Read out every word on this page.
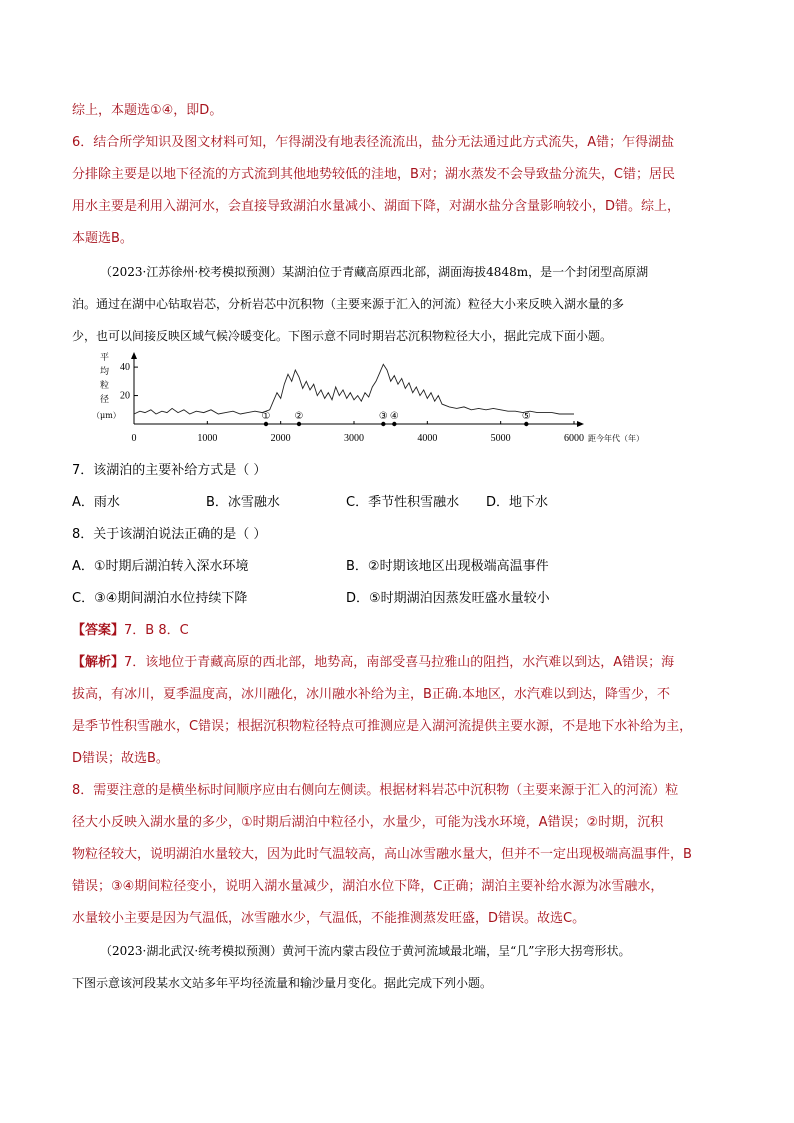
综上，本题选①④，即D。
6．结合所学知识及图文材料可知，乍得湖没有地表径流流出，盐分无法通过此方式流失，A错；乍得湖盐
分排除主要是以地下径流的方式流到其他地势较低的洼地，B对；湖水蒸发不会导致盐分流失，C错；居民
用水主要是利用入湖河水，会直接导致湖泊水量减小、湖面下降，对湖水盐分含量影响较小，D错。综上，
本题选B。
（2023·江苏徐州·校考模拟预测）某湖泊位于青藏高原西北部，湖面海拔4848m，是一个封闭型高原湖
泊。通过在湖中心钻取岩芯，分析岩芯中沉积物（主要来源于汇入的河流）粒径大小来反映入湖水量的多
少，也可以间接反映区域气候冷暖变化。下图示意不同时期岩芯沉积物粒径大小，据此完成下面小题。
平
均
粒
径
（μm）
20
40
0	1000	2000	3000	4000	5000	6000 距今年代（年）
① ②	③ ④	⑤
7．该湖泊的主要补给方式是（ ）
A．雨水	B．冰雪融水	C．季节性积雪融水 D．地下水
8．关于该湖泊说法正确的是（ ）
A．①时期后湖泊转入深水环境	B．②时期该地区出现极端高温事件
C．③④期间湖泊水位持续下降	D．⑤时期湖泊因蒸发旺盛水量较小
【答案】7．B 8．C
【解析】7．该地位于青藏高原的西北部，地势高，南部受喜马拉雅山的阻挡，水汽难以到达，A错误；海
拔高，有冰川，夏季温度高，冰川融化，冰川融水补给为主，B正确.本地区，水汽难以到达，降雪少，不
是季节性积雪融水，C错误；根据沉积物粒径特点可推测应是入湖河流提供主要水源，不是地下水补给为主，
D错误；故选B。
8．需要注意的是横坐标时间顺序应由右侧向左侧读。根据材料岩芯中沉积物（主要来源于汇入的河流）粒
径大小反映入湖水量的多少，①时期后湖泊中粒径小，水量少，可能为浅水环境，A错误；②时期，沉积
物粒径较大，说明湖泊水量较大，因为此时气温较高，高山冰雪融水量大，但并不一定出现极端高温事件，B
错误；③④期间粒径变小，说明入湖水量减少，湖泊水位下降，C正确；湖泊主要补给水源为冰雪融水，
水量较小主要是因为气温低，冰雪融水少，气温低，不能推测蒸发旺盛，D错误。故选C。
（2023·湖北武汉·统考模拟预测）黄河干流内蒙古段位于黄河流域最北端，呈“几”字形大拐弯形状。
下图示意该河段某水文站多年平均径流量和输沙量月变化。据此完成下列小题。
